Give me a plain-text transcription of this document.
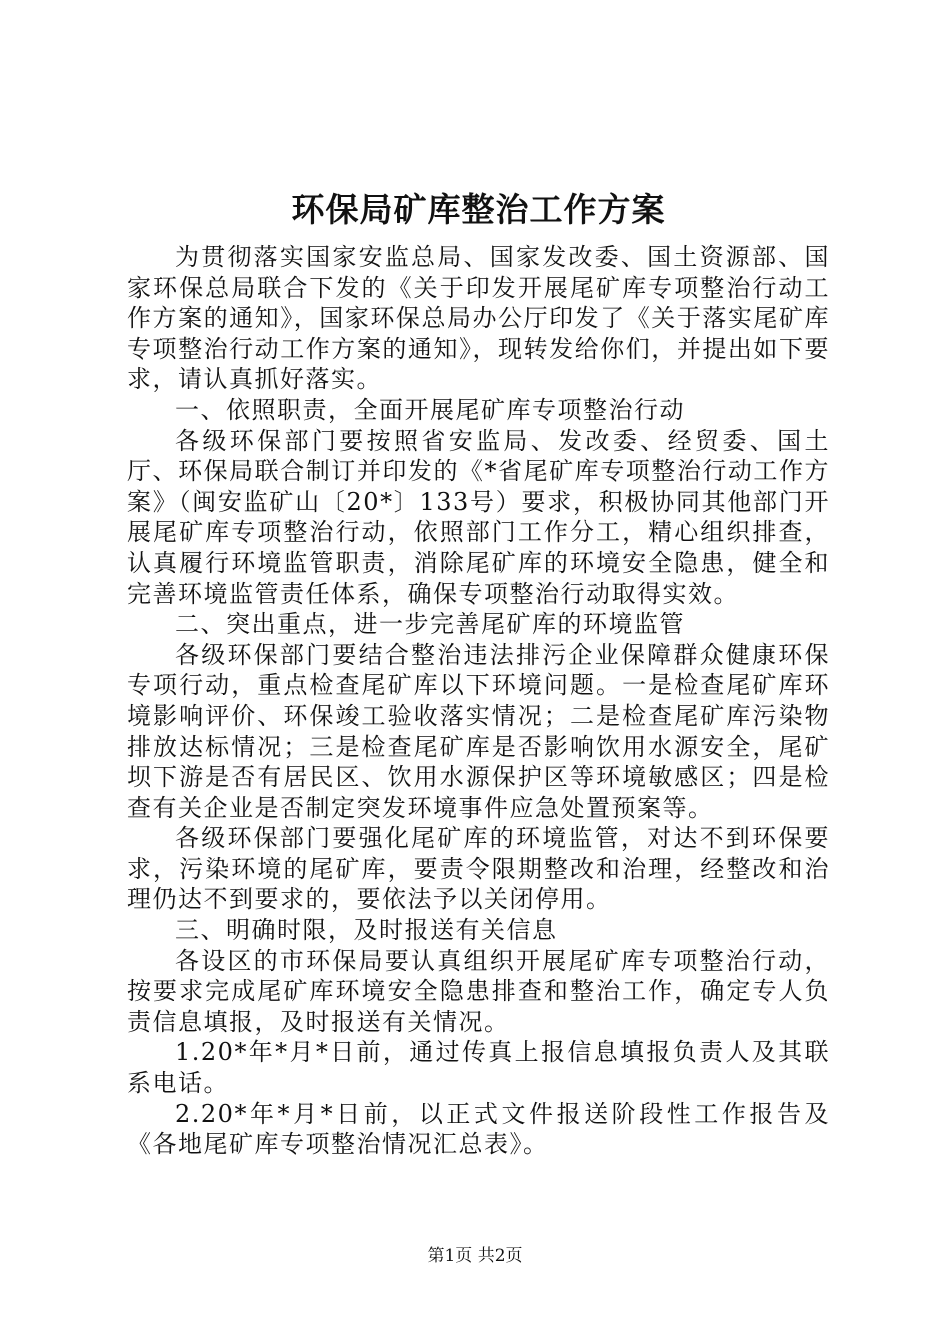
环保局矿库整治工作方案

为贯彻落实国家安监总局、国家发改委、国土资源部、国家环保总局联合下发的《关于印发开展尾矿库专项整治行动工作方案的通知》，国家环保总局办公厅印发了《关于落实尾矿库专项整治行动工作方案的通知》，现转发给你们，并提出如下要求，请认真抓好落实。

一、依照职责，全面开展尾矿库专项整治行动

各级环保部门要按照省安监局、发改委、经贸委、国土厅、环保局联合制订并印发的《*省尾矿库专项整治行动工作方案》（闽安监矿山〔20*〕133号）要求，积极协同其他部门开展尾矿库专项整治行动，依照部门工作分工，精心组织排查，认真履行环境监管职责，消除尾矿库的环境安全隐患，健全和完善环境监管责任体系，确保专项整治行动取得实效。

二、突出重点，进一步完善尾矿库的环境监管

各级环保部门要结合整治违法排污企业保障群众健康环保专项行动，重点检查尾矿库以下环境问题。一是检查尾矿库环境影响评价、环保竣工验收落实情况；二是检查尾矿库污染物排放达标情况；三是检查尾矿库是否影响饮用水源安全，尾矿坝下游是否有居民区、饮用水源保护区等环境敏感区；四是检查有关企业是否制定突发环境事件应急处置预案等。

各级环保部门要强化尾矿库的环境监管，对达不到环保要求，污染环境的尾矿库，要责令限期整改和治理，经整改和治理仍达不到要求的，要依法予以关闭停用。

三、明确时限，及时报送有关信息

各设区的市环保局要认真组织开展尾矿库专项整治行动，按要求完成尾矿库环境安全隐患排查和整治工作，确定专人负责信息填报，及时报送有关情况。

1.20*年*月*日前，通过传真上报信息填报负责人及其联系电话。

2.20*年*月*日前，以正式文件报送阶段性工作报告及《各地尾矿库专项整治情况汇总表》。

第1页 共2页
